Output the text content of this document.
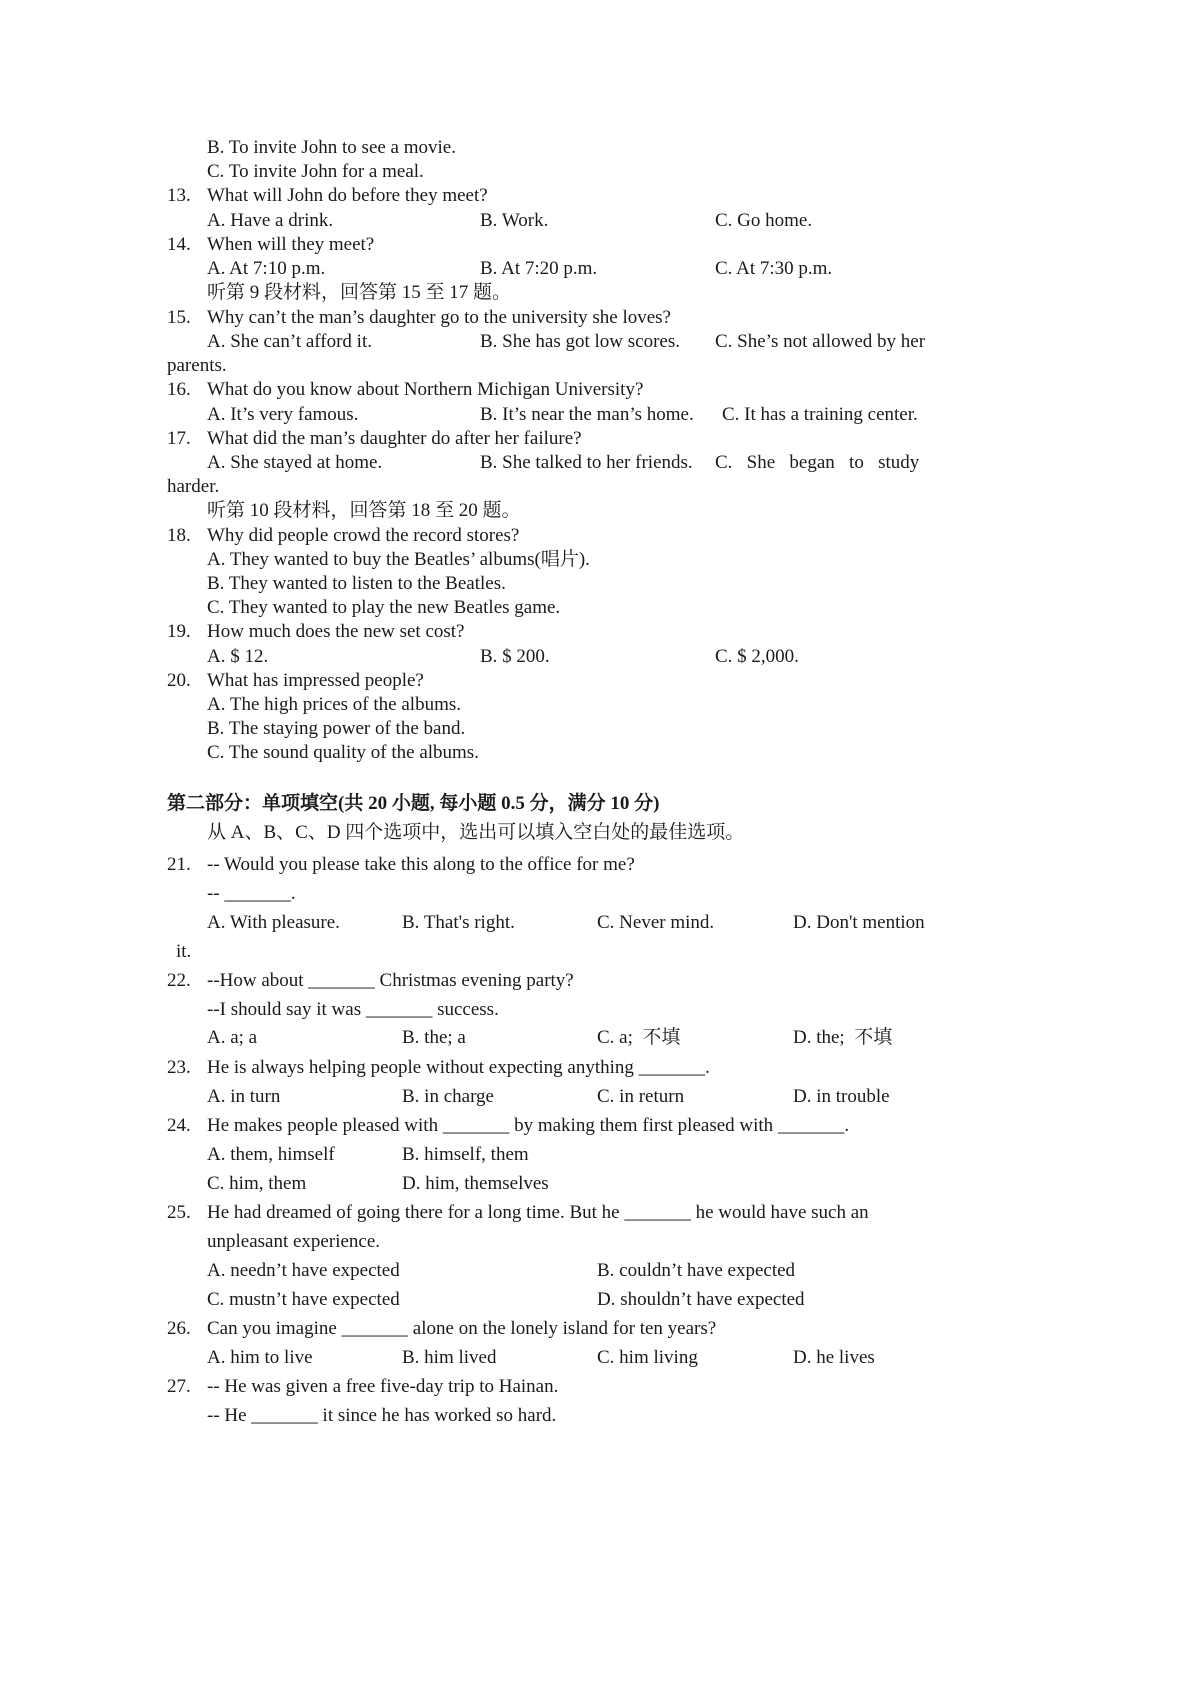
B. To invite John to see a movie.
C. To invite John for a meal.
13. What will John do before they meet?
A. Have a drink.	B. Work.	C. Go home.
14. When will they meet?
A. At 7:10 p.m.	B. At 7:20 p.m.	C. At 7:30 p.m.
听第 9 段材料，回答第 15 至 17 题。
15. Why can’t the man’s daughter go to the university she loves?
A. She can’t afford it.	B. She has got low scores. C. She’s not allowed by her
parents.
16. What do you know about Northern Michigan University?
A. It’s very famous.	B. It’s near the man’s home. C. It has a training center.
17. What did the man’s daughter do after her failure?
A. She stayed at home.	B. She talked to her friends. C.   She   began   to   study
harder.
听第 10 段材料，回答第 18 至 20 题。
18. Why did people crowd the record stores?
A. They wanted to buy the Beatles’ albums(唱片).
B. They wanted to listen to the Beatles.
C. They wanted to play the new Beatles game.
19. How much does the new set cost?
A. $ 12.	B. $ 200.	C. $ 2,000.
20. What has impressed people?
A. The high prices of the albums.
B. The staying power of the band.
C. The sound quality of the albums.
第二部分：单项填空(共 20 小题, 每小题 0.5 分，满分 10 分)
从 A、B、C、D 四个选项中，选出可以填入空白处的最佳选项。
21. -- Would you please take this along to the office for me?
-- _______.
A. With pleasure.	B. That's right.	C. Never mind.	D. Don't mention
it.
22. --How about _______ Christmas evening party?
--I should say it was _______ success.
A. a; a	B. the; a	C. a;  不填	D. the;  不填
23. He is always helping people without expecting anything _______.
A. in turn	B. in charge	C. in return	D. in trouble
24. He makes people pleased with _______ by making them first pleased with _______.
A. them, himself	B. himself, them
C. him, them	D. him, themselves
25. He had dreamed of going there for a long time. But he _______ he would have such an
unpleasant experience.
A. needn’t have expected	B. couldn’t have expected
C. mustn’t have expected	D. shouldn’t have expected
26. Can you imagine _______ alone on the lonely island for ten years?
A. him to live	B. him lived	C. him living	D. he lives
27. -- He was given a free five-day trip to Hainan.
-- He _______ it since he has worked so hard.
